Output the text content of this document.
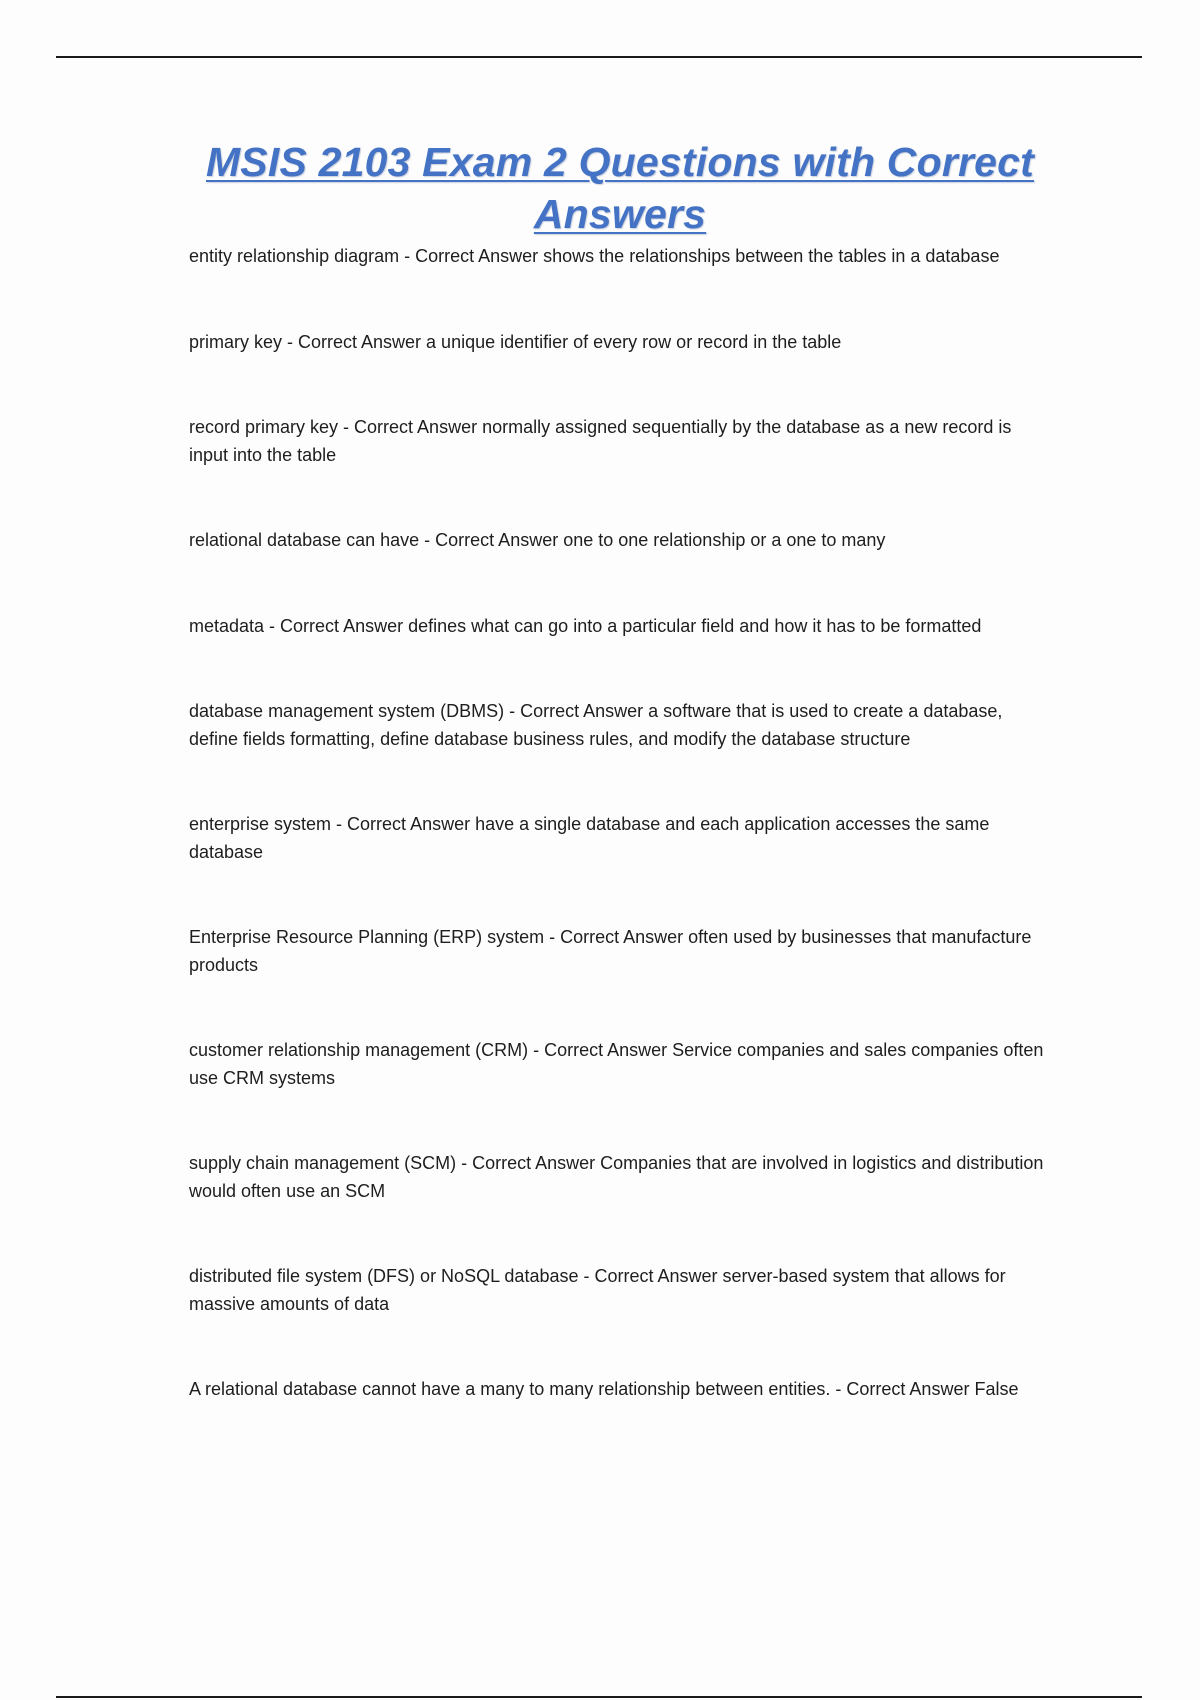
MSIS 2103 Exam 2 Questions with Correct Answers
entity relationship diagram - Correct Answer shows the relationships between the tables in a database
primary key - Correct Answer a unique identifier of every row or record in the table
record primary key - Correct Answer normally assigned sequentially by the database as a new record is input into the table
relational database can have - Correct Answer one to one relationship or a one to many
metadata - Correct Answer defines what can go into a particular field and how it has to be formatted
database management system (DBMS) - Correct Answer a software that is used to create a database, define fields formatting, define database business rules, and modify the database structure
enterprise system - Correct Answer have a single database and each application accesses the same database
Enterprise Resource Planning (ERP) system - Correct Answer often used by businesses that manufacture products
customer relationship management (CRM) - Correct Answer Service companies and sales companies often use CRM systems
supply chain management (SCM) - Correct Answer Companies that are involved in logistics and distribution would often use an SCM
distributed file system (DFS) or NoSQL database - Correct Answer server-based system that allows for massive amounts of data
A relational database cannot have a many to many relationship between entities. - Correct Answer False
